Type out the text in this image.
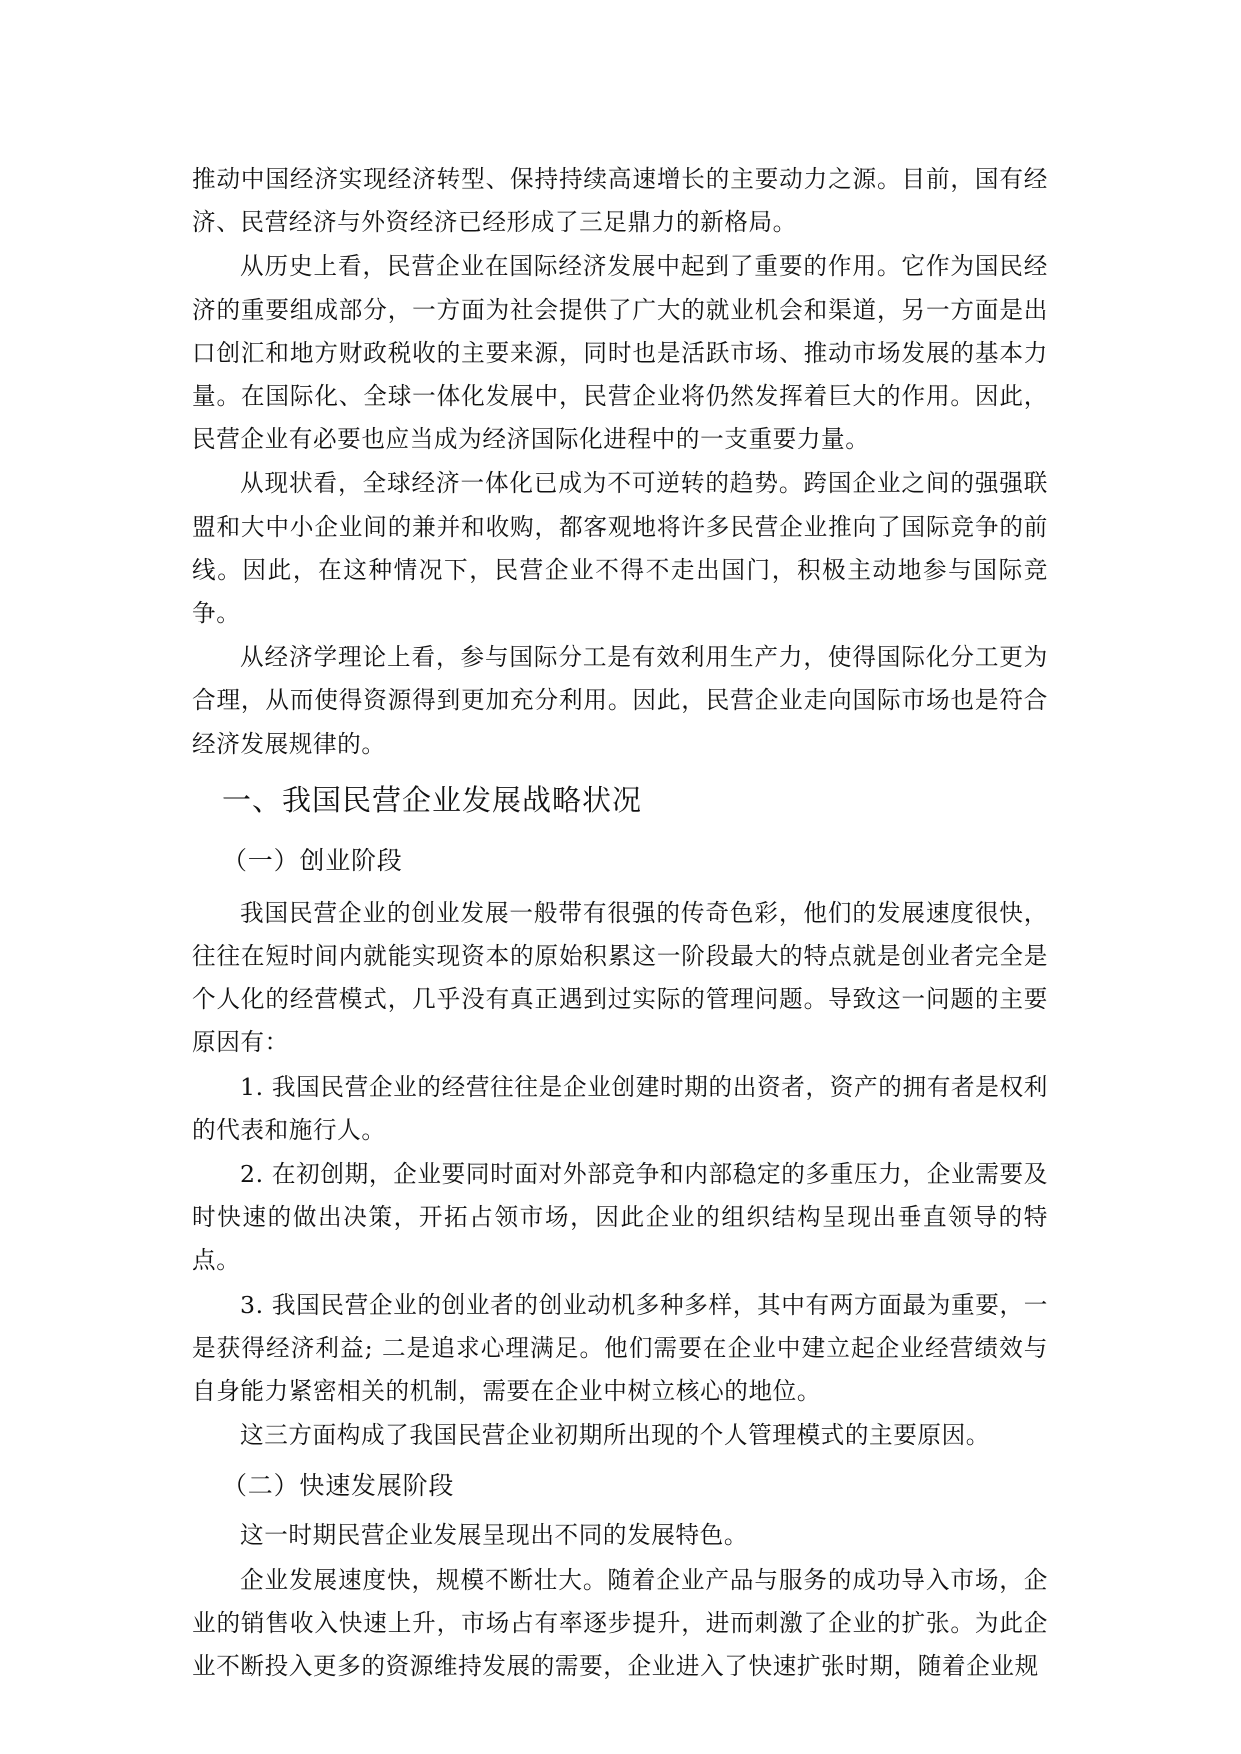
推动中国经济实现经济转型、保持持续高速增长的主要动力之源。目前，国有经济、民营经济与外资经济已经形成了三足鼎力的新格局。

从历史上看，民营企业在国际经济发展中起到了重要的作用。它作为国民经济的重要组成部分，一方面为社会提供了广大的就业机会和渠道，另一方面是出口创汇和地方财政税收的主要来源，同时也是活跃市场、推动市场发展的基本力量。在国际化、全球一体化发展中，民营企业将仍然发挥着巨大的作用。因此，民营企业有必要也应当成为经济国际化进程中的一支重要力量。

从现状看，全球经济一体化已成为不可逆转的趋势。跨国企业之间的强强联盟和大中小企业间的兼并和收购，都客观地将许多民营企业推向了国际竞争的前线。因此，在这种情况下，民营企业不得不走出国门，积极主动地参与国际竞争。

从经济学理论上看，参与国际分工是有效利用生产力，使得国际化分工更为合理，从而使得资源得到更加充分利用。因此，民营企业走向国际市场也是符合经济发展规律的。

一、我国民营企业发展战略状况
（一）创业阶段

我国民营企业的创业发展一般带有很强的传奇色彩，他们的发展速度很快，往往在短时间内就能实现资本的原始积累这一阶段最大的特点就是创业者完全是个人化的经营模式，几乎没有真正遇到过实际的管理问题。导致这一问题的主要原因有：

1. 我国民营企业的经营往往是企业创建时期的出资者，资产的拥有者是权利的代表和施行人。

2. 在初创期，企业要同时面对外部竞争和内部稳定的多重压力，企业需要及时快速的做出决策，开拓占领市场，因此企业的组织结构呈现出垂直领导的特点。

3. 我国民营企业的创业者的创业动机多种多样，其中有两方面最为重要，一是获得经济利益; 二是追求心理满足。他们需要在企业中建立起企业经营绩效与自身能力紧密相关的机制，需要在企业中树立核心的地位。

这三方面构成了我国民营企业初期所出现的个人管理模式的主要原因。

（二）快速发展阶段

这一时期民营企业发展呈现出不同的发展特色。

企业发展速度快，规模不断壮大。随着企业产品与服务的成功导入市场，企业的销售收入快速上升，市场占有率逐步提升，进而刺激了企业的扩张。为此企业不断投入更多的资源维持发展的需要，企业进入了快速扩张时期，随着企业规
